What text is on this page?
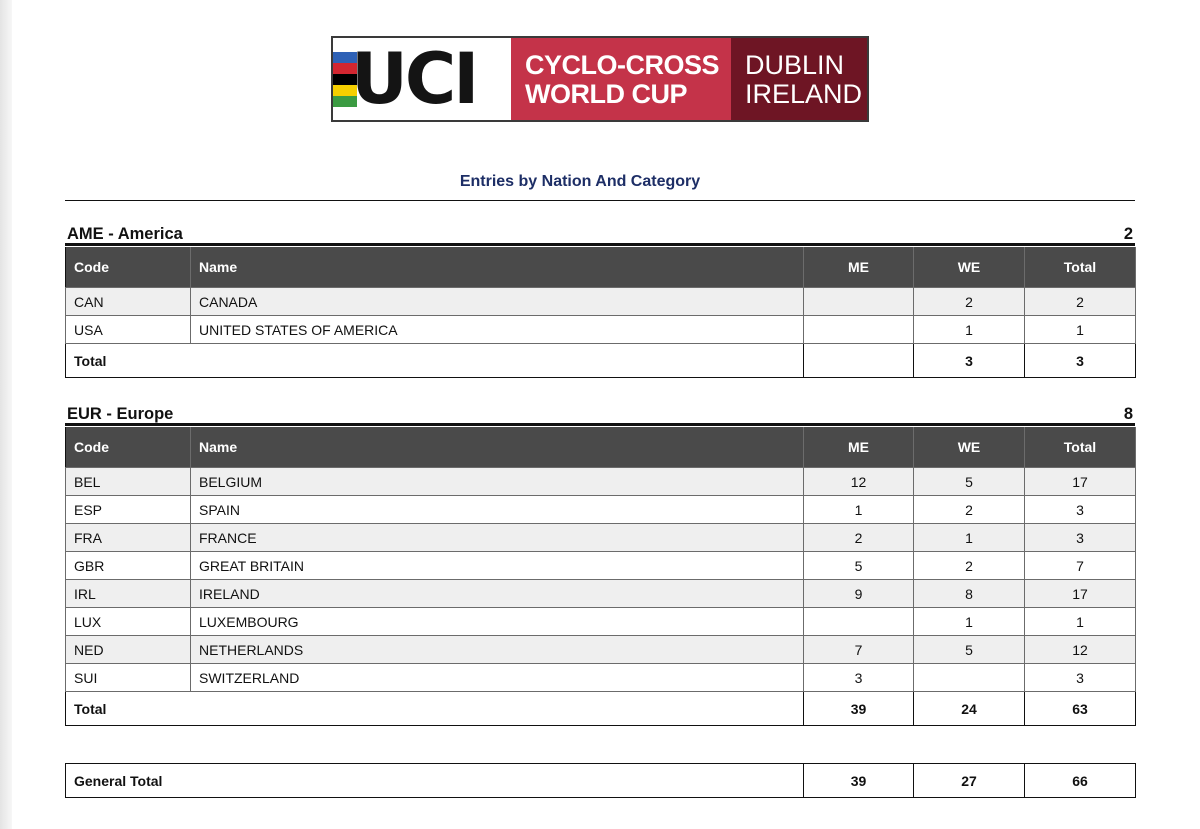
UCI CYCLO-CROSS
WORLD CUP
DUBLIN
IRELAND
Entries by Nation And Category
AME - America	2
Code	Name	ME	WE	Total
CAN	CANADA		2	2
USA	UNITED STATES OF AMERICA		1	1
Total			3	3
EUR - Europe	8
Code	Name	ME	WE	Total
BEL	BELGIUM	12	5	17
ESP	SPAIN	1	2	3
FRA	FRANCE	2	1	3
GBR	GREAT BRITAIN	5	2	7
IRL	IRELAND	9	8	17
LUX	LUXEMBOURG		1	1
NED	NETHERLANDS	7	5	12
SUI	SWITZERLAND	3		3
Total		39	24	63
General Total	39	27	66
